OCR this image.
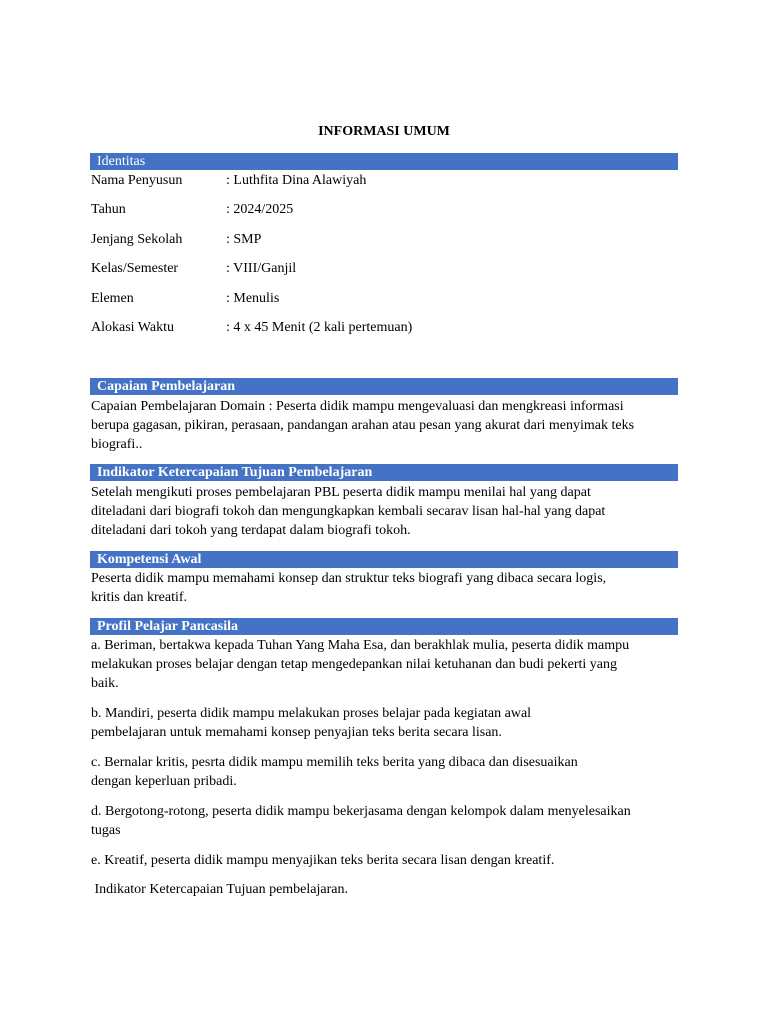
INFORMASI UMUM
Identitas
Nama Penyusun	: Luthfita Dina Alawiyah
Tahun	: 2024/2025
Jenjang Sekolah	: SMP
Kelas/Semester	: VIII/Ganjil
Elemen	: Menulis
Alokasi Waktu	: 4 x 45 Menit (2 kali pertemuan)
Capaian Pembelajaran
Capaian Pembelajaran Domain : Peserta didik mampu mengevaluasi dan mengkreasi informasi
berupa gagasan, pikiran, perasaan, pandangan arahan atau pesan yang akurat dari menyimak teks
biografi..
Indikator Ketercapaian Tujuan Pembelajaran
Setelah mengikuti proses pembelajaran PBL peserta didik mampu menilai hal yang dapat
diteladani dari biografi tokoh dan mengungkapkan kembali secarav lisan hal-hal yang dapat
diteladani dari tokoh yang terdapat dalam biografi tokoh.
Kompetensi Awal
Peserta didik mampu memahami konsep dan struktur teks biografi yang dibaca secara logis,
kritis dan kreatif.
Profil Pelajar Pancasila
a. Beriman, bertakwa kepada Tuhan Yang Maha Esa, dan berakhlak mulia, peserta didik mampu
melakukan proses belajar dengan tetap mengedepankan nilai ketuhanan dan budi pekerti yang
baik.
b. Mandiri, peserta didik mampu melakukan proses belajar pada kegiatan awal
pembelajaran untuk memahami konsep penyajian teks berita secara lisan.
c. Bernalar kritis, pesrta didik mampu memilih teks berita yang dibaca dan disesuaikan
dengan keperluan pribadi.
d. Bergotong-rotong, peserta didik mampu bekerjasama dengan kelompok dalam menyelesaikan
tugas
e. Kreatif, peserta didik mampu menyajikan teks berita secara lisan dengan kreatif.
Indikator Ketercapaian Tujuan pembelajaran.
